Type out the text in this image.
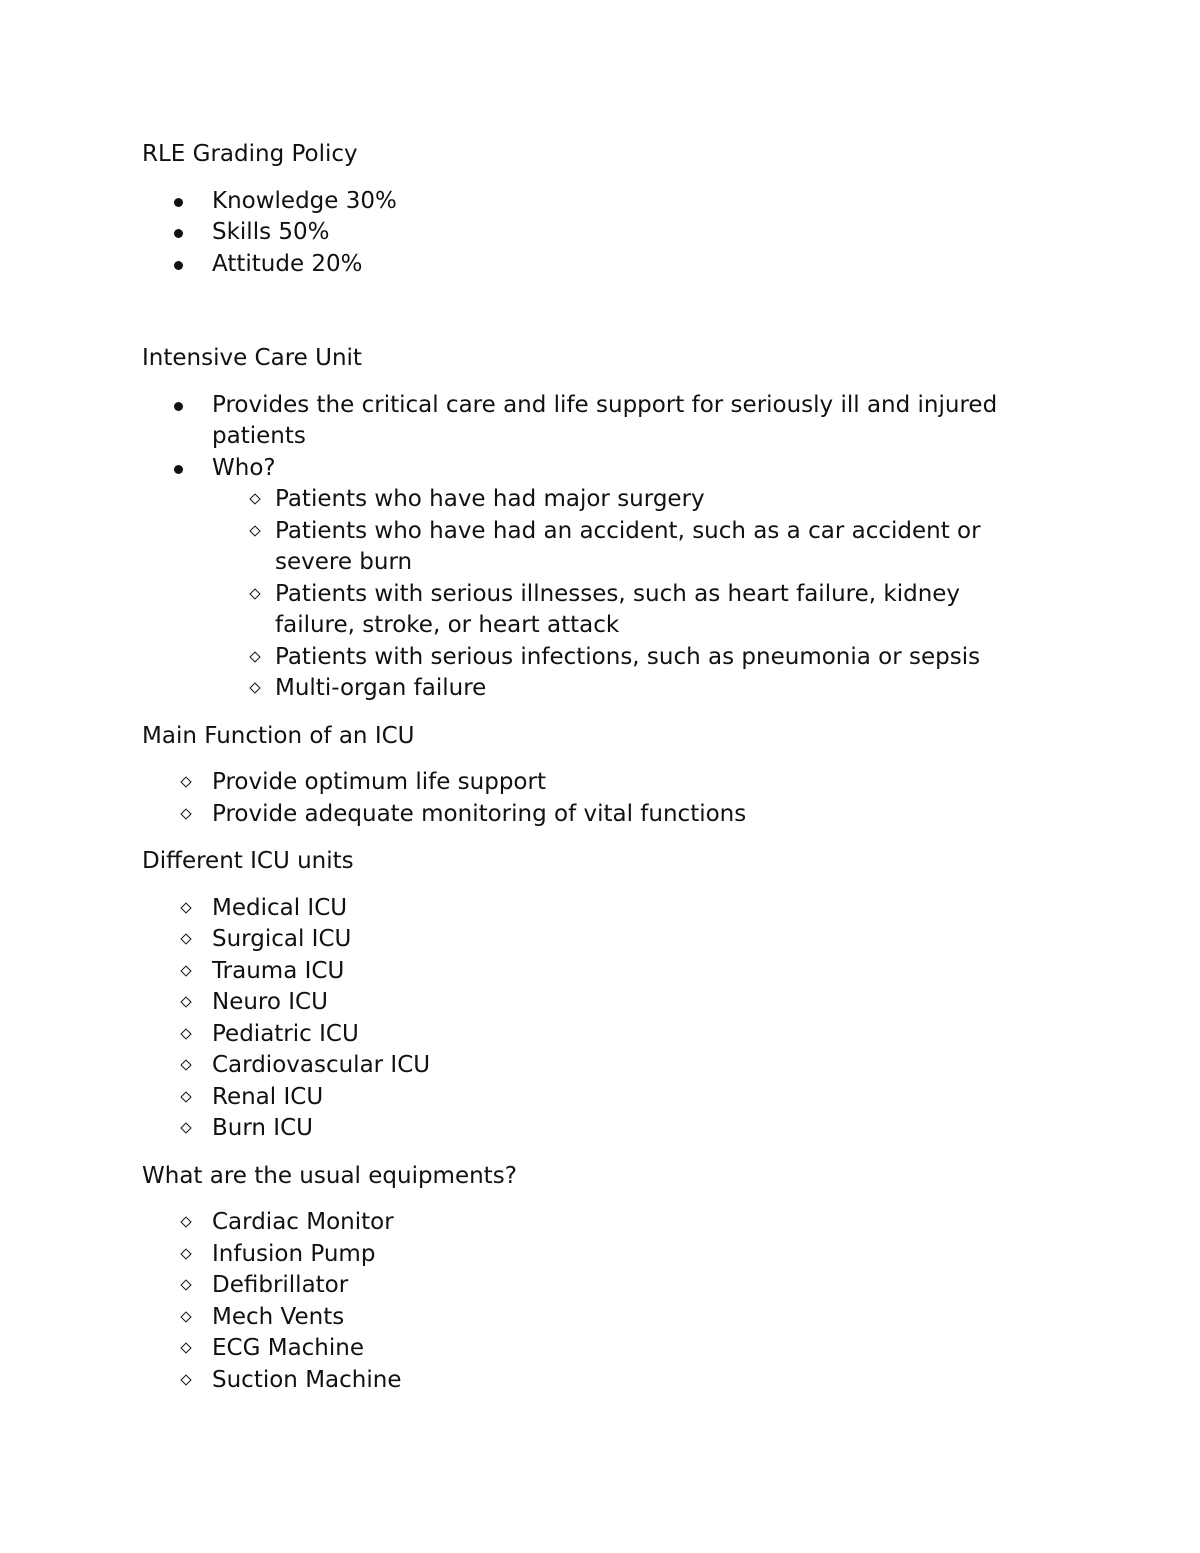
RLE Grading Policy

Knowledge 30%
Skills 50%
Attitude 20%

Intensive Care Unit

Provides the critical care and life support for seriously ill and injured patients
Who?
Patients who have had major surgery
Patients who have had an accident, such as a car accident or severe burn
Patients with serious illnesses, such as heart failure, kidney failure, stroke, or heart attack
Patients with serious infections, such as pneumonia or sepsis
Multi-organ failure

Main Function of an ICU

Provide optimum life support
Provide adequate monitoring of vital functions

Different ICU units

Medical ICU
Surgical ICU
Trauma ICU
Neuro ICU
Pediatric ICU
Cardiovascular ICU
Renal ICU
Burn ICU

What are the usual equipments?

Cardiac Monitor
Infusion Pump
Defibrillator
Mech Vents
ECG Machine
Suction Machine
